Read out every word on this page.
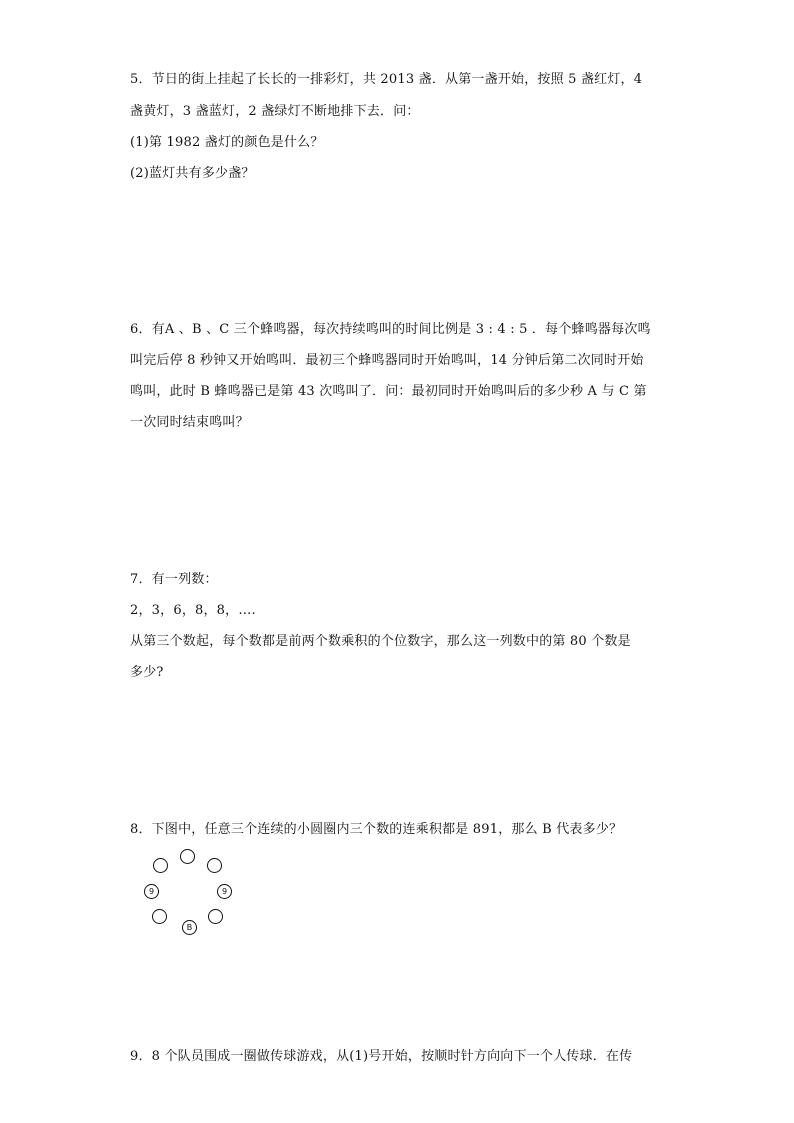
5．节日的街上挂起了长长的一排彩灯，共 2013 盏．从第一盏开始，按照 5 盏红灯，4
盏黄灯，3 盏蓝灯，2 盏绿灯不断地排下去．问：
(1)第 1982 盏灯的颜色是什么？
(2)蓝灯共有多少盏？
6．有A 、B 、C 三个蜂鸣器，每次持续鸣叫的时间比例是 3 : 4 : 5 ．每个蜂鸣器每次鸣
叫完后停 8 秒钟又开始鸣叫．最初三个蜂鸣器同时开始鸣叫，14 分钟后第二次同时开始
鸣叫，此时 B 蜂鸣器已是第 43 次鸣叫了．问：最初同时开始鸣叫后的多少秒 A 与 C 第
一次同时结束鸣叫？
7．有一列数：
2，3，6，8，8，….
从第三个数起，每个数都是前两个数乘积的个位数字，那么这一列数中的第 80 个数是
多少?
8．下图中，任意三个连续的小圆圈内三个数的连乘积都是 891，那么 B 代表多少？
9	9
B
9．8 个队员围成一圈做传球游戏，从(1)号开始，按顺时针方向向下一个人传球．在传
